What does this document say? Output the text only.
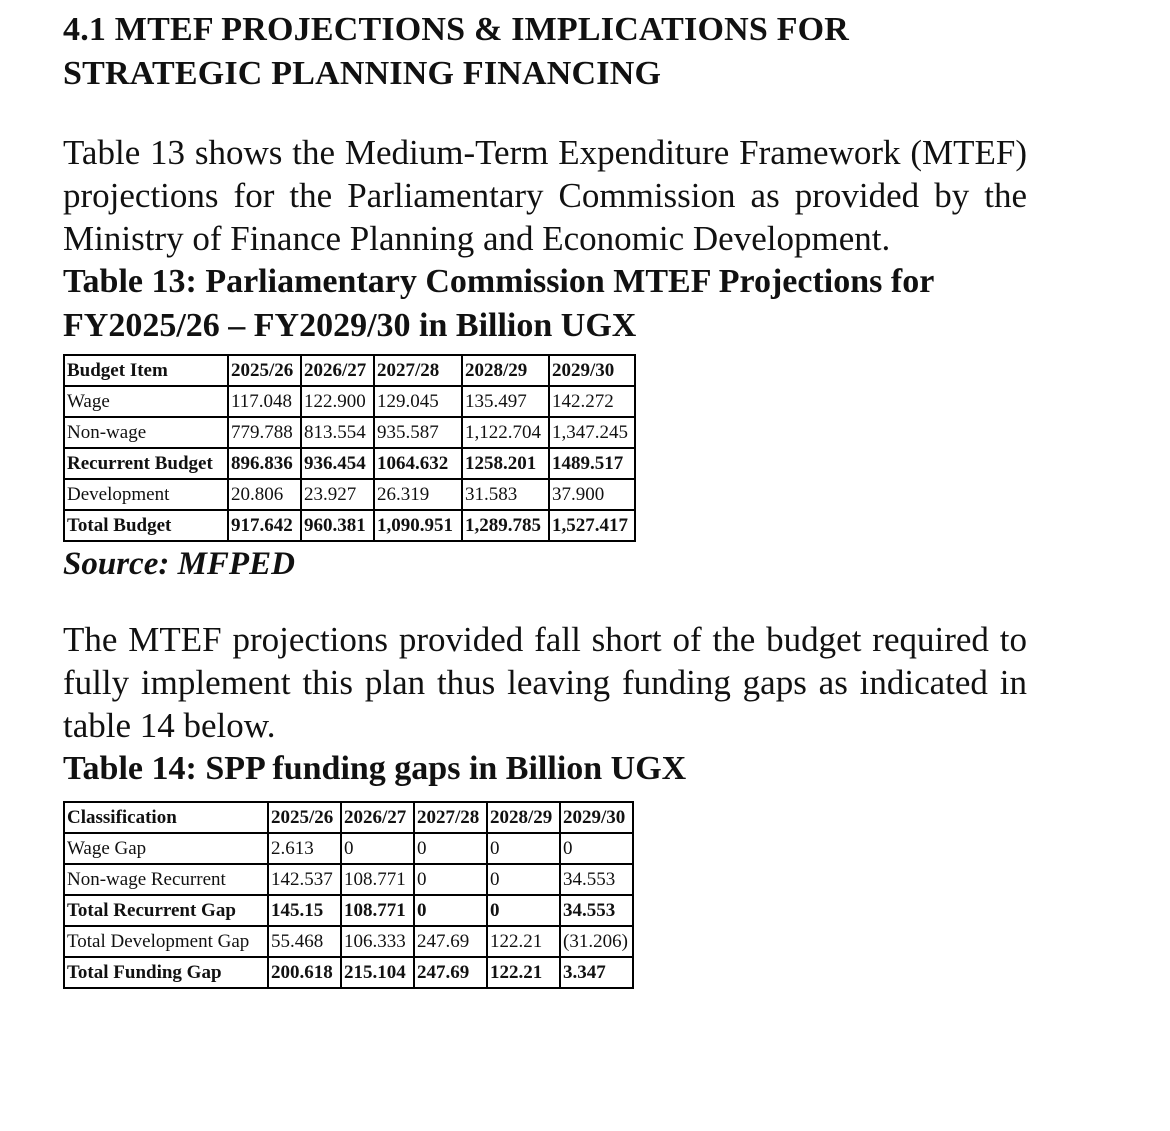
4.1 MTEF PROJECTIONS & IMPLICATIONS FOR
STRATEGIC PLANNING FINANCING

Table 13 shows the Medium-Term Expenditure Framework (MTEF) projections for the Parliamentary Commission as provided by the Ministry of Finance Planning and Economic Development.

Table 13: Parliamentary Commission MTEF Projections for
FY2025/26 – FY2029/30 in Billion UGX
Budget Item	2025/26	2026/27	2027/28	2028/29	2029/30
Wage	117.048	122.900	129.045	135.497	142.272
Non-wage	779.788	813.554	935.587	1,122.704	1,347.245
Recurrent Budget	896.836	936.454	1064.632	1258.201	1489.517
Development	20.806	23.927	26.319	31.583	37.900
Total Budget	917.642	960.381	1,090.951	1,289.785	1,527.417

Source: MFPED

The MTEF projections provided fall short of the budget required to fully implement this plan thus leaving funding gaps as indicated in table 14 below.

Table 14: SPP funding gaps in Billion UGX
Classification	2025/26	2026/27	2027/28	2028/29	2029/30
Wage Gap	2.613	0	0	0	0
Non-wage Recurrent	142.537	108.771	0	0	34.553
Total Recurrent Gap	145.15	108.771	0	0	34.553
Total Development Gap	55.468	106.333	247.69	122.21	(31.206)
Total Funding Gap	200.618	215.104	247.69	122.21	3.347
